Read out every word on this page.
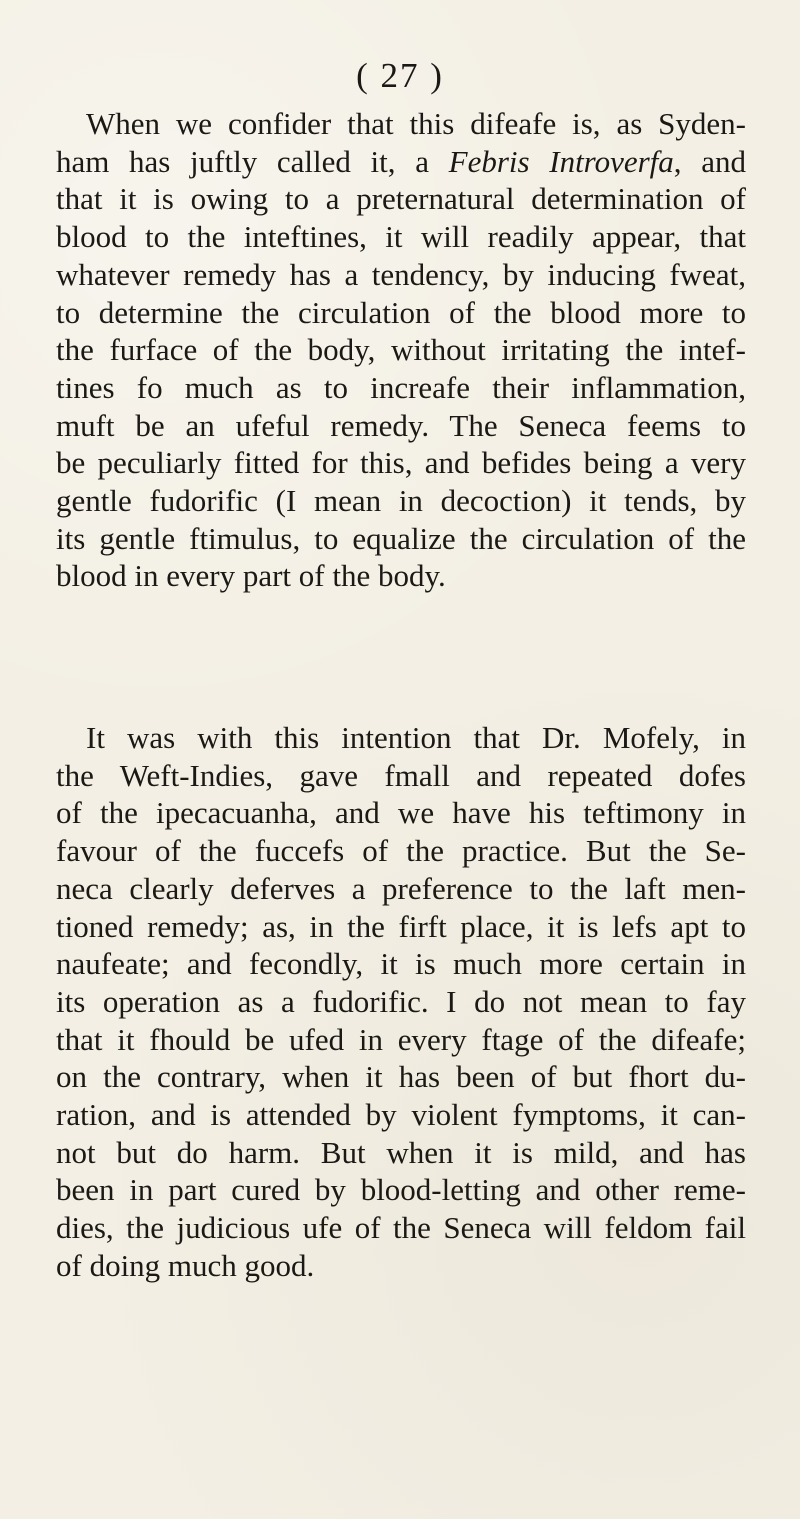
( 27 )
When we confider that this difeafe is, as Syden-
ham has juftly called it, a Febris Introverfa, and
that it is owing to a preternatural determination of
blood to the inteftines, it will readily appear, that
whatever remedy has a tendency, by inducing fweat,
to determine the circulation of the blood more to
the furface of the body, without irritating the intef-
tines fo much as to increafe their inflammation,
muft be an ufeful remedy. The Seneca feems to
be peculiarly fitted for this, and befides being a very
gentle fudorific (I mean in decoction) it tends, by
its gentle ftimulus, to equalize the circulation of the
blood in every part of the body.
It was with this intention that Dr. Mofely, in
the Weft-Indies, gave fmall and repeated dofes
of the ipecacuanha, and we have his teftimony in
favour of the fuccefs of the practice. But the Se-
neca clearly deferves a preference to the laft men-
tioned remedy; as, in the firft place, it is lefs apt to
naufeate; and fecondly, it is much more certain in
its operation as a fudorific. I do not mean to fay
that it fhould be ufed in every ftage of the difeafe;
on the contrary, when it has been of but fhort du-
ration, and is attended by violent fymptoms, it can-
not but do harm. But when it is mild, and has
been in part cured by blood-letting and other reme-
dies, the judicious ufe of the Seneca will feldom fail
of doing much good.
